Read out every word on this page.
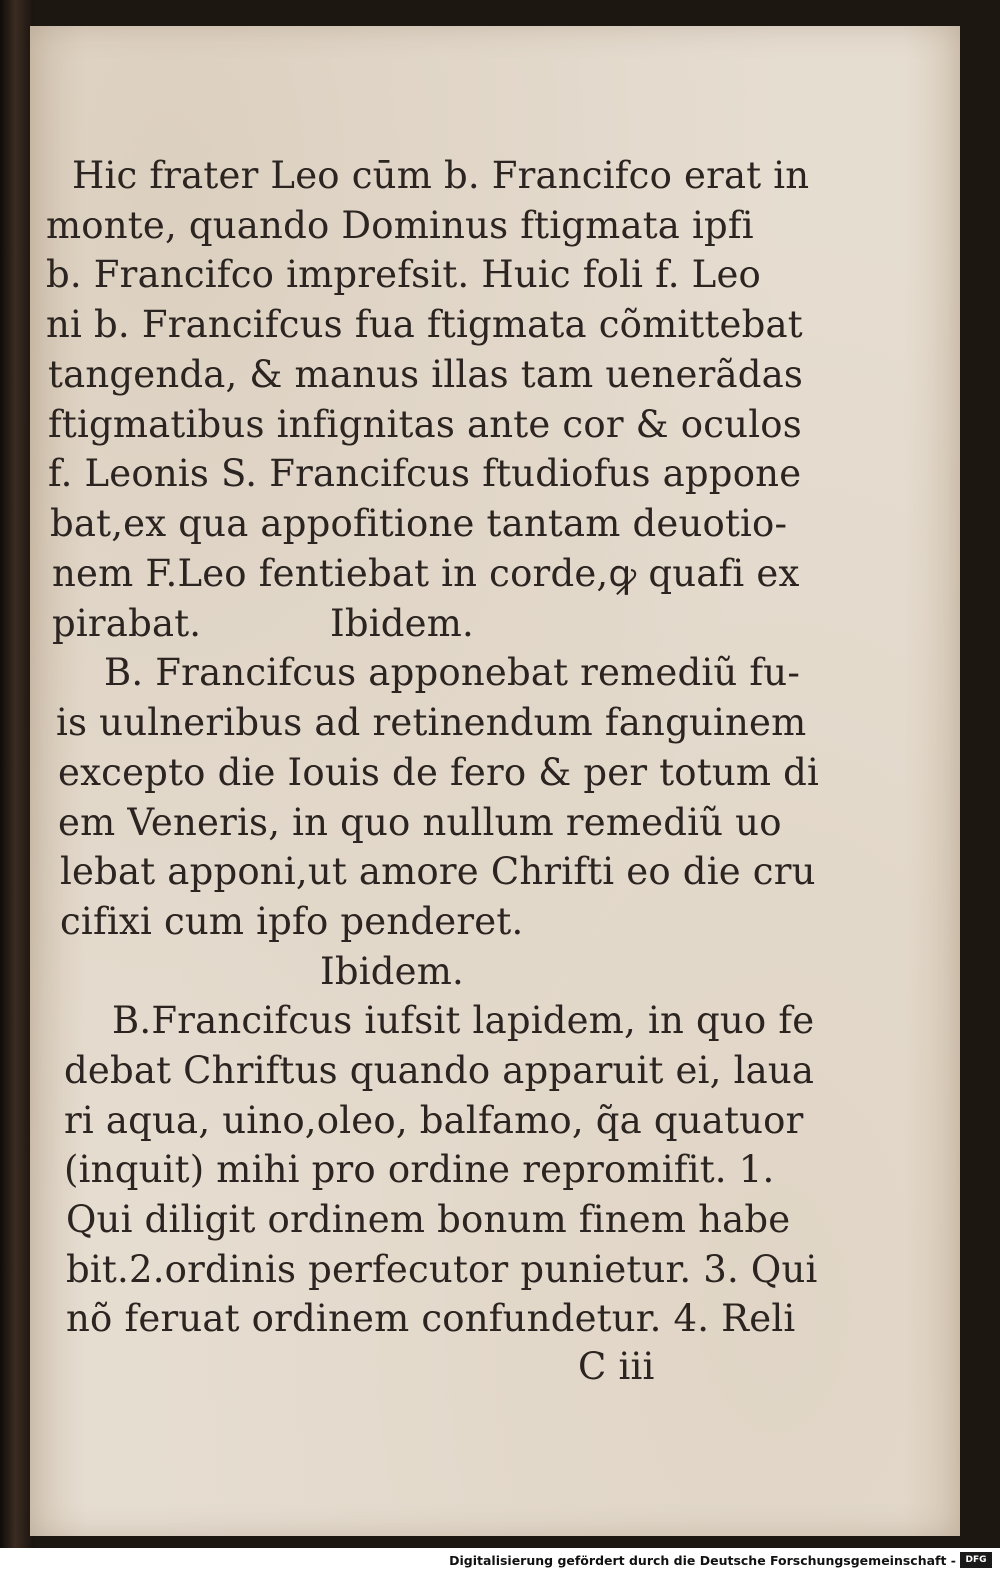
Hic frater Leo cūm b. Francifco erat in
monte, quando Dominus ftigmata ipfi
b. Francifco imprefsit. Huic foli f. Leo
ni b. Francifcus fua ftigmata cõmittebat
tangenda, & manus illas tam uenerãdas
ftigmatibus infignitas ante cor & oculos
f. Leonis S. Francifcus ftudiofus appone
bat,ex qua appofitione tantam deuotio-
nem F.Leo fentiebat in corde,ꝙ quafi ex
pirabat.	Ibidem.
B. Francifcus apponebat remediũ fu-
is uulneribus ad retinendum fanguinem
excepto die Iouis de fero & per totum di
em Veneris, in quo nullum remediũ uo
lebat apponi,ut amore Chrifti eo die cru
cifixi cum ipfo penderet.
Ibidem.
B.Francifcus iufsit lapidem, in quo fe
debat Chriftus quando apparuit ei, laua
ri aqua, uino,oleo, balfamo, q̃a quatuor
(inquit) mihi pro ordine repromifit. 1.
Qui diligit ordinem bonum finem habe
bit.2.ordinis perfecutor punietur. 3. Qui
nõ feruat ordinem confundetur. 4. Reli
C iii
Digitalisierung gefördert durch die Deutsche Forschungsgemeinschaft -	DFG
